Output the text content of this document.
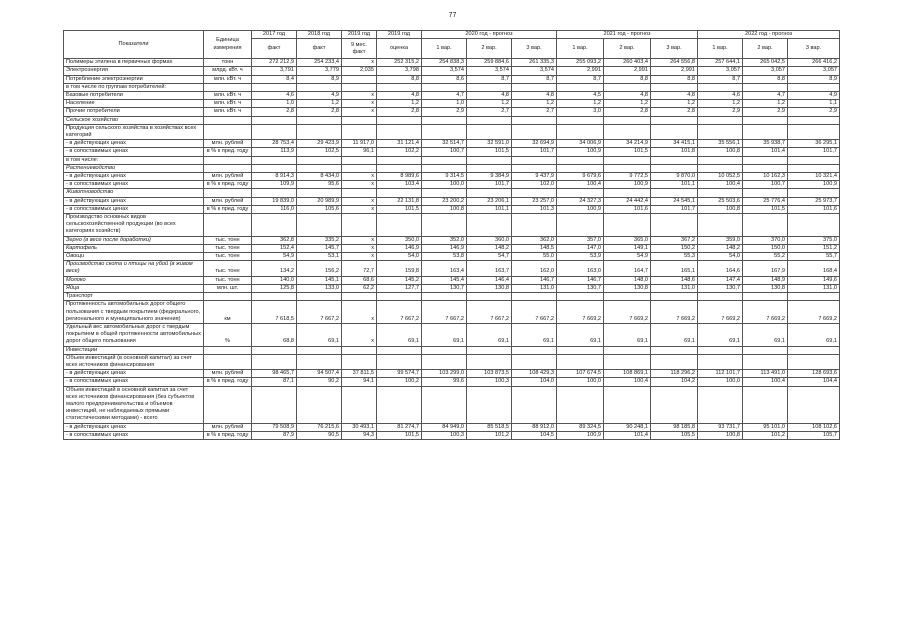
77
Показатели	Единица измерения	2017 год	2018 год	2019 год	2019 год	2020 год - прогноз			2021 год - прогноз			2022 год - прогноз		
		факт	факт	9 мес. факт	оценка	1 вар.	2 вар.	3 вар.	1 вар.	2 вар.	3 вар.	1 вар.	2 вар.	3 вар.

Полимеры этилена в первичных формах	тонн	272 212,9	254 233,4	х	252 315,2	254 838,3	259 884,6	261 335,3	255 093,2	260 403,4	264 556,8	257 644,1	265 042,5	266 416,2
Электроэнергия	млрд. кВт. ч	3,791	3,779	2,035	3,798	3,574	3,574	3,574	2,991	2,991	2,991	3,057	3,057	3,057
Потребление электроэнергии	млн. кВт. ч	8,4	8,9		8,8	8,6	8,7	8,7	8,7	8,8	8,8	8,7	8,8	8,9
в том числе по группам потребителей:														
Базовые потребители	млн. кВт. ч	4,6	4,9	х	4,8	4,7	4,8	4,8	4,5	4,8	4,8	4,6	4,7	4,9
Население	млн. кВт. ч	1,0	1,2	х	1,2	1,0	1,2	1,2	1,2	1,2	1,2	1,2	1,2	1,1
Прочие потребители	млн. кВт. ч	2,8	2,8	х	2,8	2,9	2,7	2,7	3,0	2,8	2,8	2,9	2,9	2,9
Сельское хозяйство														
Продукция сельского хозяйства в хозяйствах всех категорий														
- в действующих ценах	млн. рублей	28 753,4	29 423,9	11 917,0	31 121,4	32 514,7	32 591,0	32 694,9	34 006,9	34 214,9	34 415,1	35 556,1	35 938,7	36 295,1
- в сопоставимых ценах	в % к пред. году	113,9	102,5	96,1	102,2	100,7	101,5	101,7	100,9	101,5	101,8	100,8	101,4	101,7
в том числе:														
Растениеводство														
- в действующих ценах	млн. рублей	8 914,3	8 434,0	х	8 989,6	9 314,5	9 384,9	9 437,9	9 679,6	9 772,5	9 870,0	10 052,5	10 162,3	10 321,4
- в сопоставимых ценах	в % к пред. году	109,9	95,6	х	103,4	100,0	101,7	102,0	100,4	100,9	101,1	100,4	100,7	100,9
Животноводство														
- в действующих ценах	млн. рублей	19 839,0	20 989,9	х	22 131,8	23 200,2	23 206,1	23 257,0	24 327,3	24 442,4	24 545,1	25 503,6	25 776,4	25 973,7
- в сопоставимых ценах	в % к пред. году	116,0	105,6	х	101,5	100,8	101,1	101,3	100,9	101,6	101,7	100,8	101,5	101,6
Производство основных видов сельскохозяйственной продукции (во всех категориях хозяйств)														
Зерно (в весе после доработки)	тыс. тонн	362,8	335,2	х	350,0	352,0	360,0	362,0	357,0	365,0	367,2	359,0	370,0	375,0
Картофель	тыс. тонн	152,4	145,7	х	146,9	146,9	148,2	148,5	147,0	149,1	150,2	148,2	150,0	151,2
Овощи	тыс. тонн	54,9	53,1	х	54,0	53,8	54,7	55,0	53,9	54,9	55,3	54,0	55,2	55,7
Производство скота и птицы на убой (в живом весе)	тыс. тонн	134,2	156,2	72,7	159,8	163,4	163,7	162,0	163,0	164,7	165,1	164,6	167,9	168,4
Молоко	тыс. тонн	140,0	145,1	68,6	145,2	145,4	146,4	146,7	146,7	148,0	148,6	147,4	148,9	149,6
Яйца	млн. шт.	125,8	133,0	62,2	127,7	130,7	130,8	131,0	130,7	130,8	131,0	130,7	130,8	131,0
Транспорт														
Протяженность автомобильных дорог общего пользования с твердым покрытием (федерального, регионального и муниципального значения)	км	7 618,5	7 667,2	х	7 667,2	7 667,2	7 667,2	7 667,2	7 669,2	7 669,2	7 669,2	7 669,2	7 669,2	7 669,2
Удельный вес автомобильных дорог с твердым покрытием в общей протяженности автомобильных дорог общего пользования	%	68,8	69,1	х	69,1	69,1	69,1	69,1	69,1	69,1	69,1	69,1	69,1	69,1
Инвестиции														
Объем инвестиций (в основной капитал) за счет всех источников финансирования														
- в действующих ценах	млн. рублей	98 465,7	94 507,4	37 811,5	99 574,7	103 299,0	103 873,5	108 429,3	107 674,5	108 869,1	118 296,2	112 101,7	113 491,0	128 693,6
- в сопоставимых ценах	в % к пред. году	87,1	90,2	94,1	100,2	99,6	100,3	104,0	100,0	100,4	104,2	100,0	100,4	104,4
Объем инвестиций в основной капитал за счет всех источников финансирования (без субъектов малого предпринимательства и объемов инвестиций, не наблюдаемых прямыми статистическими методами) - всего														
- в действующих ценах	млн. рублей	79 508,9	76 215,6	30 493,1	81 274,7	84 949,0	85 518,5	88 912,0	89 324,5	90 248,1	98 185,8	93 731,7	95 101,0	108 102,6
- в сопоставимых ценах	в % к пред. году	87,9	90,5	94,3	101,5	100,3	101,2	104,5	100,9	101,4	105,5	100,8	101,2	105,7
